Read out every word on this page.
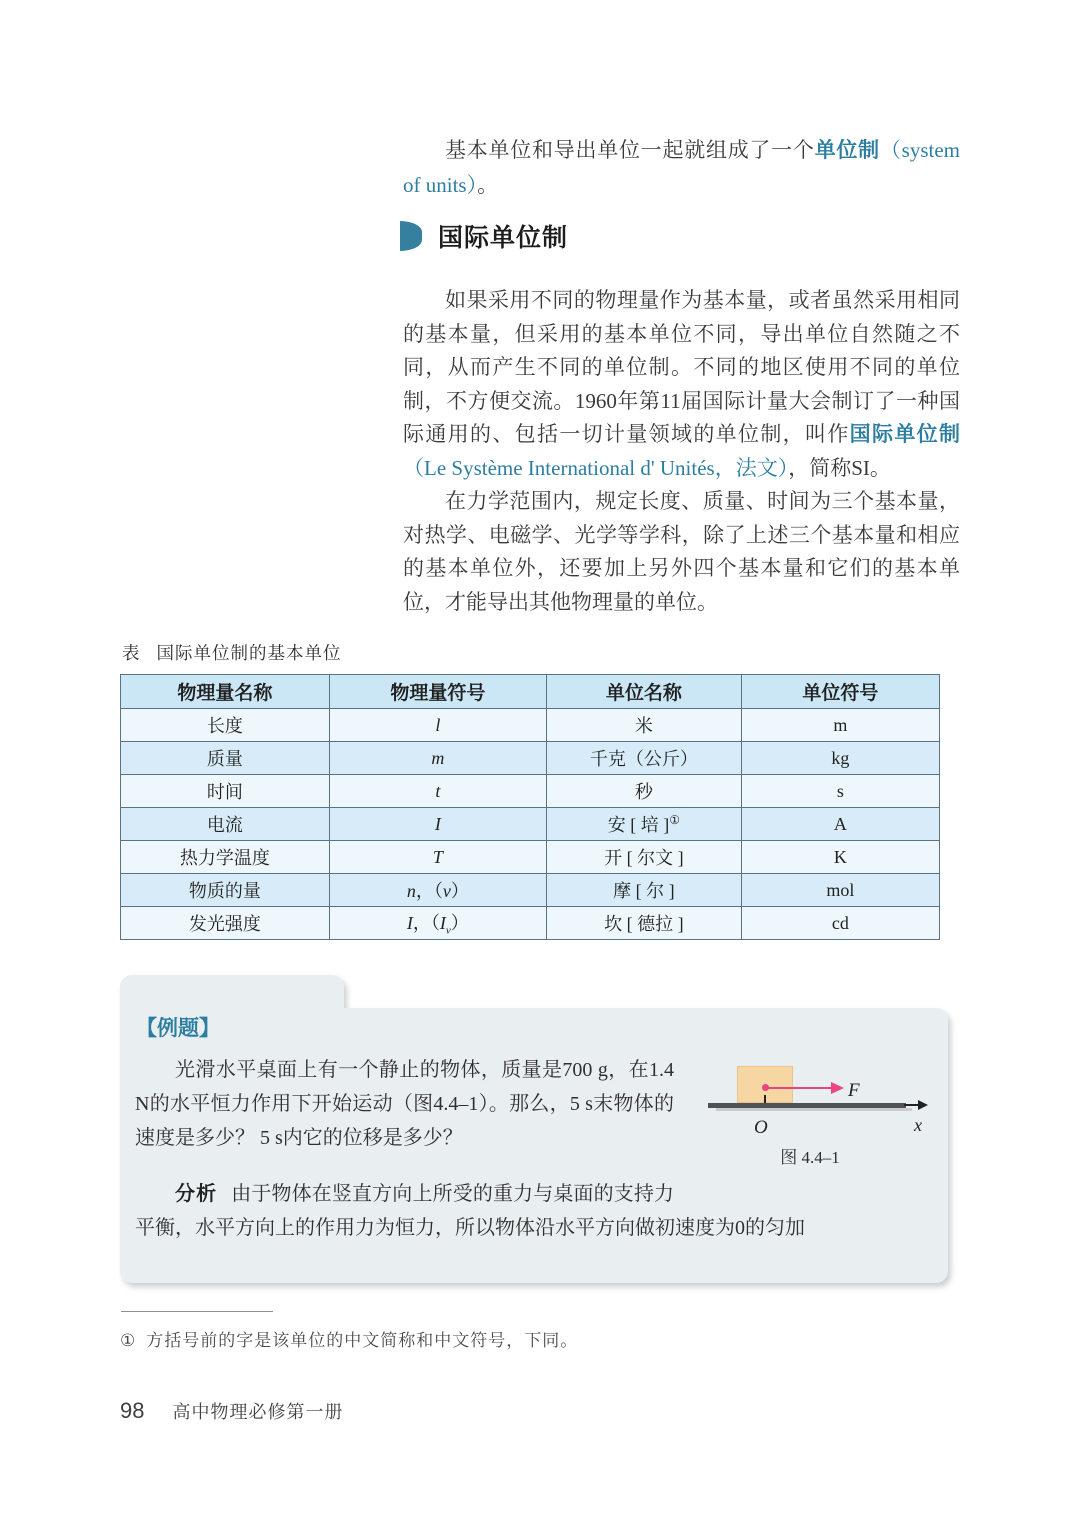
基本单位和导出单位一起就组成了一个单位制（system of units）。

国际单位制

如果采用不同的物理量作为基本量，或者虽然采用相同的基本量，但采用的基本单位不同，导出单位自然随之不同，从而产生不同的单位制。不同的地区使用不同的单位制，不方便交流。1960年第11届国际计量大会制订了一种国际通用的、包括一切计量领域的单位制，叫作国际单位制（Le Système International d' Unités，法文），简称SI。

在力学范围内，规定长度、质量、时间为三个基本量，对热学、电磁学、光学等学科，除了上述三个基本量和相应的基本单位外，还要加上另外四个基本量和它们的基本单位，才能导出其他物理量的单位。

表 国际单位制的基本单位
物理量名称	物理量符号	单位名称	单位符号
长度	l	米	m
质量	m	千克（公斤）	kg
时间	t	秒	s
电流	I	安 [ 培 ]①	A
热力学温度	T	开 [ 尔文 ]	K
物质的量	n，（ν）	摩 [ 尔 ]	mol
发光强度	I，$(I_v)$	坎 [ 德拉 ]	cd
【例题】
F
O	x
图 4.4–1

光滑水平桌面上有一个静止的物体，质量是700 g，在1.4 N的水平恒力作用下开始运动（图4.4–1）。那么，5 s末物体的速度是多少？ 5 s内它的位移是多少？

分析 由于物体在竖直方向上所受的重力与桌面的支持力平衡，水平方向上的作用力为恒力，所以物体沿水平方向做初速度为0的匀加

① 方括号前的字是该单位的中文简称和中文符号，下同。
98 高中物理必修第一册
